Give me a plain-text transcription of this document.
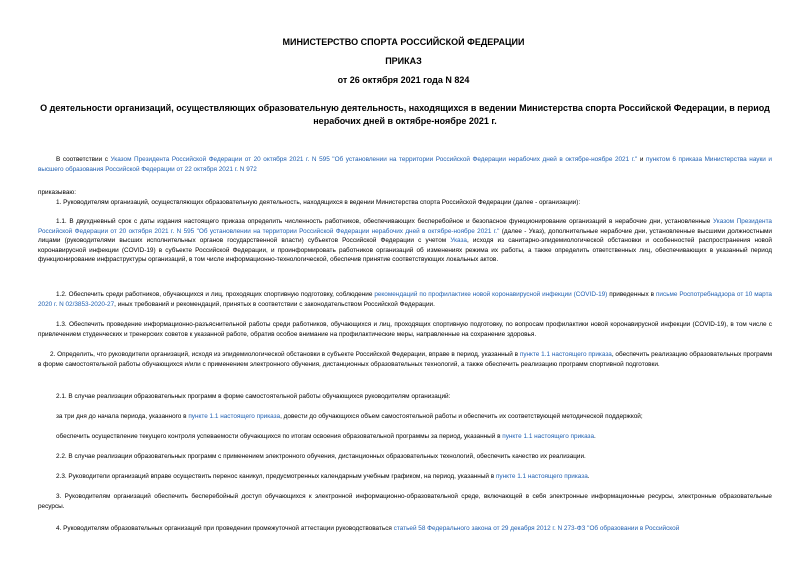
МИНИСТЕРСТВО СПОРТА РОССИЙСКОЙ ФЕДЕРАЦИИ
ПРИКАЗ
от 26 октября 2021 года N 824
О деятельности организаций, осуществляющих образовательную деятельность, находящихся в ведении Министерства спорта Российской Федерации, в период нерабочих дней в октябре-ноябре 2021 г.
В соответствии с Указом Президента Российской Федерации от 20 октября 2021 г. N 595 "Об установлении на территории Российской Федерации нерабочих дней в октябре-ноябре 2021 г." и пунктом 6 приказа Министерства науки и высшего образования Российской Федерации от 22 октября 2021 г. N 972
приказываю:
1. Руководителям организаций, осуществляющих образовательную деятельность, находящихся в ведении Министерства спорта Российской Федерации (далее - организации):
1.1. В двухдневный срок с даты издания настоящего приказа определить численность работников, обеспечивающих бесперебойное и безопасное функционирование организаций в нерабочие дни, установленные Указом Президента Российской Федерации от 20 октября 2021 г. N 595 "Об установлении на территории Российской Федерации нерабочих дней в октябре-ноябре 2021 г." (далее - Указ), дополнительные нерабочие дни, установленные высшими должностными лицами (руководителями высших исполнительных органов государственной власти) субъектов Российской Федерации с учетом Указа, исходя из санитарно-эпидемиологической обстановки и особенностей распространения новой коронавирусной инфекции (COVID-19) в субъекте Российской Федерации, и проинформировать работников организаций об изменениях режима их работы, а также определить ответственных лиц, обеспечивающих в указанный период функционирование инфраструктуры организаций, в том числе информационно-технологической, обеспечив принятие соответствующих локальных актов.
1.2. Обеспечить среди работников, обучающихся и лиц, проходящих спортивную подготовку, соблюдение рекомендаций по профилактике новой коронавирусной инфекции (COVID-19) приведенных в письме Роспотребнадзора от 10 марта 2020 г. N 02/3853-2020-27, иных требований и рекомендаций, принятых в соответствии с законодательством Российской Федерации.
1.3. Обеспечить проведение информационно-разъяснительной работы среди работников, обучающихся и лиц, проходящих спортивную подготовку, по вопросам профилактики новой коронавирусной инфекции (COVID-19), в том числе с привлечением студенческих и тренерских советов к указанной работе, обратив особое внимание на профилактические меры, направленные на сохранение здоровья.
2. Определить, что руководители организаций, исходя из эпидемиологической обстановки в субъекте Российской Федерации, вправе в период, указанный в пункте 1.1 настоящего приказа, обеспечить реализацию образовательных программ в форме самостоятельной работы обучающихся и/или с применением электронного обучения, дистанционных образовательных технологий, а также обеспечить реализацию программ спортивной подготовки.
2.1. В случае реализации образовательных программ в форме самостоятельной работы обучающихся руководителям организаций:
за три дня до начала периода, указанного в пункте 1.1 настоящего приказа, довести до обучающихся объем самостоятельной работы и обеспечить их соответствующей методической поддержкой;
обеспечить осуществление текущего контроля успеваемости обучающихся по итогам освоения образовательной программы за период, указанный в пункте 1.1 настоящего приказа.
2.2. В случае реализации образовательных программ с применением электронного обучения, дистанционных образовательных технологий, обеспечить качество их реализации.
2.3. Руководители организаций вправе осуществить перенос каникул, предусмотренных календарным учебным графиком, на период, указанный в пункте 1.1 настоящего приказа.
3. Руководителям организаций обеспечить бесперебойный доступ обучающихся к электронной информационно-образовательной среде, включающей в себя электронные информационные ресурсы, электронные образовательные ресурсы.
4. Руководителям образовательных организаций при проведении промежуточной аттестации руководствоваться статьей 58 Федерального закона от 29 декабря 2012 г. N 273-ФЗ "Об образовании в Российской
